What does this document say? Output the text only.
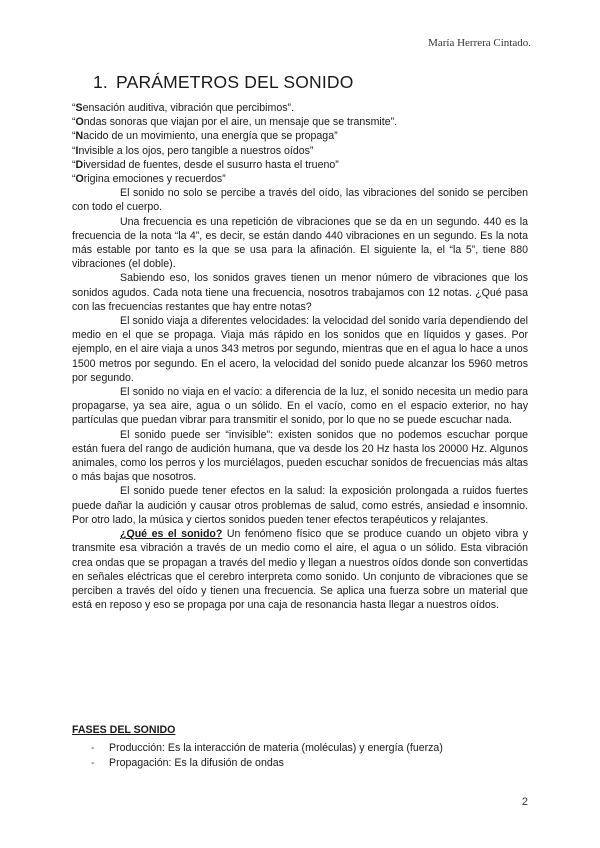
María Herrera Cintado.
1. PARÁMETROS DEL SONIDO
“Sensación auditiva, vibración que percibimos”.
“Ondas sonoras que viajan por el aire, un mensaje que se transmite”.
“Nacido de un movimiento, una energía que se propaga”
“Invisible a los ojos, pero tangible a nuestros oídos”
“Diversidad de fuentes, desde el susurro hasta el trueno”
“Origina emociones y recuerdos”

El sonido no solo se percibe a través del oído, las vibraciones del sonido se perciben con todo el cuerpo.

Una frecuencia es una repetición de vibraciones que se da en un segundo. 440 es la frecuencia de la nota “la 4”, es decir, se están dando 440 vibraciones en un segundo. Es la nota más estable por tanto es la que se usa para la afinación. El siguiente la, el “la 5”, tiene 880 vibraciones (el doble).

Sabiendo eso, los sonidos graves tienen un menor número de vibraciones que los sonidos agudos. Cada nota tiene una frecuencia, nosotros trabajamos con 12 notas. ¿Qué pasa con las frecuencias restantes que hay entre notas?

El sonido viaja a diferentes velocidades: la velocidad del sonido varía dependiendo del medio en el que se propaga. Viaja más rápido en los sonidos que en líquidos y gases. Por ejemplo, en el aire viaja a unos 343 metros por segundo, mientras que en el agua lo hace a unos 1500 metros por segundo. En el acero, la velocidad del sonido puede alcanzar los 5960 metros por segundo.

El sonido no viaja en el vacío: a diferencia de la luz, el sonido necesita un medio para propagarse, ya sea aire, agua o un sólido. En el vacío, como en el espacio exterior, no hay partículas que puedan vibrar para transmitir el sonido, por lo que no se puede escuchar nada.

El sonido puede ser “invisible”: existen sonidos que no podemos escuchar porque están fuera del rango de audición humana, que va desde los 20 Hz hasta los 20000 Hz. Algunos animales, como los perros y los murciélagos, pueden escuchar sonidos de frecuencias más altas o más bajas que nosotros.

El sonido puede tener efectos en la salud: la exposición prolongada a ruidos fuertes puede dañar la audición y causar otros problemas de salud, como estrés, ansiedad e insomnio. Por otro lado, la música y ciertos sonidos pueden tener efectos terapéuticos y relajantes.

¿Qué es el sonido? Un fenómeno físico que se produce cuando un objeto vibra y transmite esa vibración a través de un medio como el aire, el agua o un sólido. Esta vibración crea ondas que se propagan a través del medio y llegan a nuestros oídos donde son convertidas en señales eléctricas que el cerebro interpreta como sonido. Un conjunto de vibraciones que se perciben a través del oído y tienen una frecuencia. Se aplica una fuerza sobre un material que está en reposo y eso se propaga por una caja de resonancia hasta llegar a nuestros oídos.

FASES DEL SONIDO
- Producción: Es la interacción de materia (moléculas) y energía (fuerza)
- Propagación: Es la difusión de ondas
2
